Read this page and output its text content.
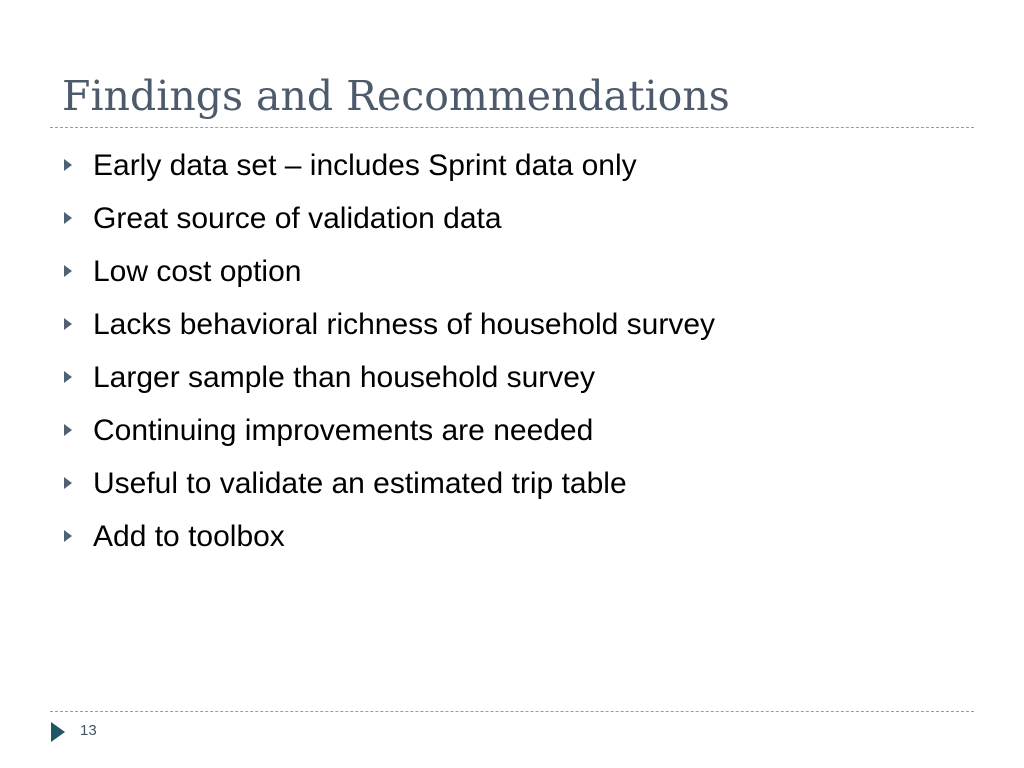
Findings and Recommendations
Early data set – includes Sprint data only
Great source of validation data
Low cost option
Lacks behavioral richness of household survey
Larger sample than household survey
Continuing improvements are needed
Useful to validate an estimated trip table
Add to toolbox
13
